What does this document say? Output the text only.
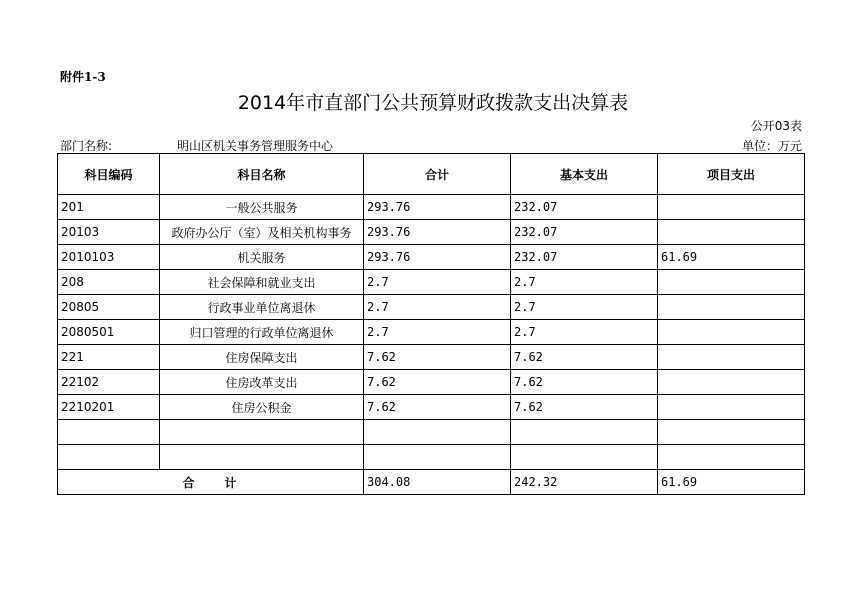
附件1-3
2014年市直部门公共预算财政拨款支出决算表
公开03表
部门名称:	明山区机关事务管理服务中心	单位：万元
科目编码	科目名称	合计	基本支出	项目支出
201	一般公共服务	293.76	232.07	
20103	政府办公厅（室）及相关机构事务	293.76	232.07	
2010103	机关服务	293.76	232.07	61.69
208	社会保障和就业支出	2.7	2.7	
20805	行政事业单位离退休	2.7	2.7	
2080501	归口管理的行政单位离退休	2.7	2.7	
221	住房保障支出	7.62	7.62	
22102	住房改革支出	7.62	7.62	
2210201	住房公积金	7.62	7.62	

合　　计		304.08	242.32	61.69
